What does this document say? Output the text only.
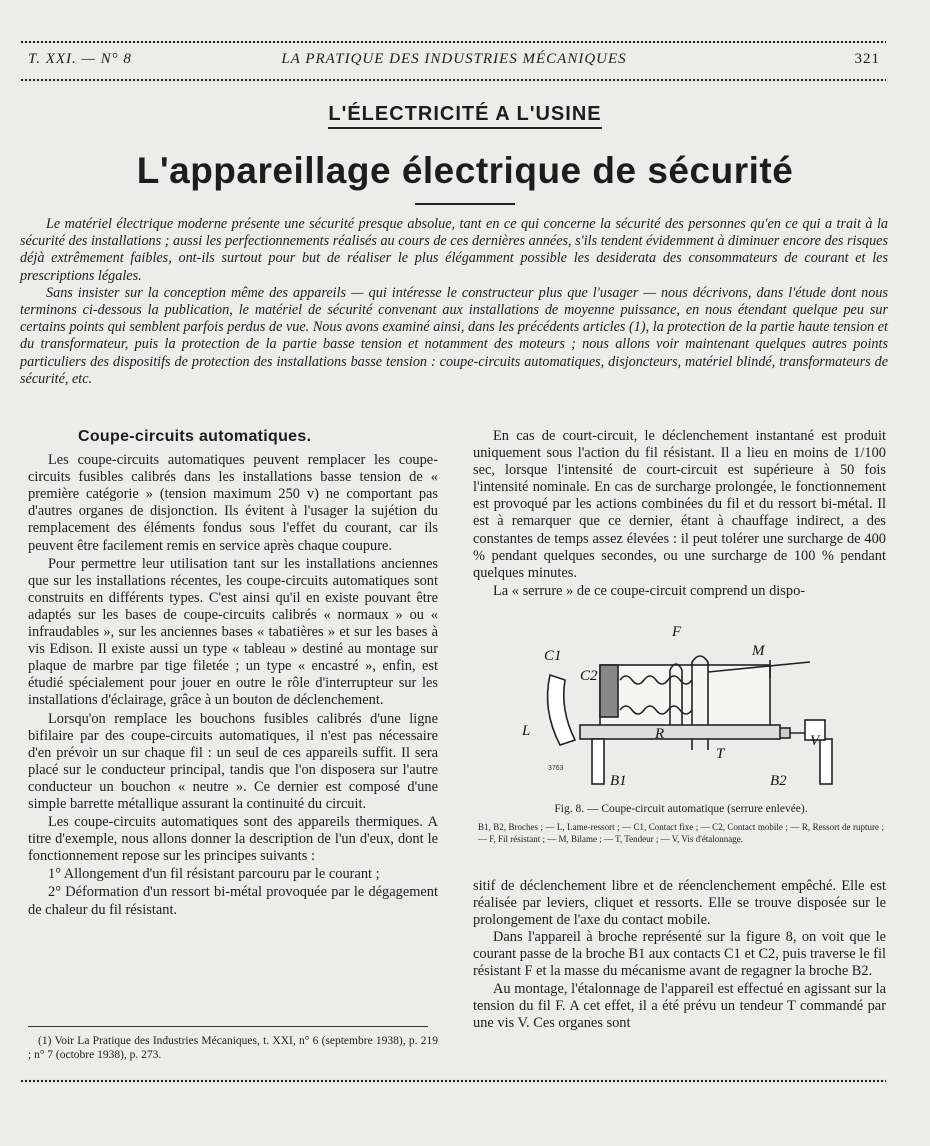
T. XXI. — N° 8	LA PRATIQUE DES INDUSTRIES MÉCANIQUES	321
L'ÉLECTRICITÉ A L'USINE
L'appareillage électrique de sécurité

Le matériel électrique moderne présente une sécurité presque absolue, tant en ce qui concerne la sécurité des personnes qu'en ce qui a trait à la sécurité des installations ; aussi les perfectionnements réalisés au cours de ces dernières années, s'ils tendent évidemment à diminuer encore des risques déjà extrêmement faibles, ont-ils surtout pour but de réaliser le plus élégamment possible les desiderata des consommateurs de courant et les prescriptions légales.

Sans insister sur la conception même des appareils — qui intéresse le constructeur plus que l'usager — nous décrivons, dans l'étude dont nous terminons ci-dessous la publication, le matériel de sécurité convenant aux installations de moyenne puissance, en nous étendant quelque peu sur certains points qui semblent parfois perdus de vue. Nous avons examiné ainsi, dans les précédents articles (1), la protection de la partie haute tension et du transformateur, puis la protection de la partie basse tension et notamment des moteurs ; nous allons voir maintenant quelques autres points particuliers des dispositifs de protection des installations basse tension : coupe-circuits automatiques, disjoncteurs, matériel blindé, transformateurs de sécurité, etc.

Coupe-circuits automatiques.

Les coupe-circuits automatiques peuvent remplacer les coupe-circuits fusibles calibrés dans les installations basse tension de « première catégorie » (tension maximum 250 v) ne comportant pas d'autres organes de disjonction. Ils évitent à l'usager la sujétion du remplacement des éléments fondus sous l'effet du courant, car ils peuvent être facilement remis en service après chaque coupure.

Pour permettre leur utilisation tant sur les installations anciennes que sur les installations récentes, les coupe-circuits automatiques sont construits en différents types. C'est ainsi qu'il en existe pouvant être adaptés sur les bases de coupe-circuits calibrés « normaux » ou « infraudables », sur les anciennes bases « tabatières » et sur les bases à vis Edison. Il existe aussi un type « tableau » destiné au montage sur plaque de marbre par tige filetée ; un type « encastré », enfin, est étudié spécialement pour jouer en outre le rôle d'interrupteur sur les installations d'éclairage, grâce à un bouton de déclenchement.

Lorsqu'on remplace les bouchons fusibles calibrés d'une ligne bifilaire par des coupe-circuits automatiques, il n'est pas nécessaire d'en prévoir un sur chaque fil : un seul de ces appareils suffit. Il sera placé sur le conducteur principal, tandis que l'on disposera sur l'autre conducteur un bouchon « neutre ». Ce dernier est composé d'une simple barrette métallique assurant la continuité du circuit.

Les coupe-circuits automatiques sont des appareils thermiques. A titre d'exemple, nous allons donner la description de l'un d'eux, dont le fonctionnement repose sur les principes suivants :

1° Allongement d'un fil résistant parcouru par le courant ;

2° Déformation d'un ressort bi-métal provoquée par le dégagement de chaleur du fil résistant.

(1) Voir La Pratique des Industries Mécaniques, t. XXI, n° 6 (septembre 1938), p. 219 ; n° 7 (octobre 1938), p. 273.

En cas de court-circuit, le déclenchement instantané est produit uniquement sous l'action du fil résistant. Il a lieu en moins de 1/100 sec, lorsque l'intensité de court-circuit est supérieure à 50 fois l'intensité nominale. En cas de surcharge prolongée, le fonctionnement est provoqué par les actions combinées du fil et du ressort bi-métal. Il est à remarquer que ce dernier, étant à chauffage indirect, a des constantes de temps assez élevées : il peut tolérer une surcharge de 400 % pendant quelques secondes, ou une surcharge de 100 % pendant quelques minutes.

La « serrure » de ce coupe-circuit comprend un dispo-

F
M
C1
C2
L	R
T
V
B1	B2
3763
Fig. 8. — Coupe-circuit automatique (serrure enlevée).
B1, B2, Broches ; — L, Lame-ressort ; — C1, Contact fixe ; — C2, Contact mobile ; — R, Ressort de rupture ; — F, Fil résistant ; — M, Bilame ; — T, Tendeur ; — V, Vis d'étalonnage.

sitif de déclenchement libre et de réenclenchement empêché. Elle est réalisée par leviers, cliquet et ressorts. Elle se trouve disposée sur le prolongement de l'axe du contact mobile.

Dans l'appareil à broche représenté sur la figure 8, on voit que le courant passe de la broche B1 aux contacts C1 et C2, puis traverse le fil résistant F et la masse du mécanisme avant de regagner la broche B2.

Au montage, l'étalonnage de l'appareil est effectué en agissant sur la tension du fil F. A cet effet, il a été prévu un tendeur T commandé par une vis V. Ces organes sont
